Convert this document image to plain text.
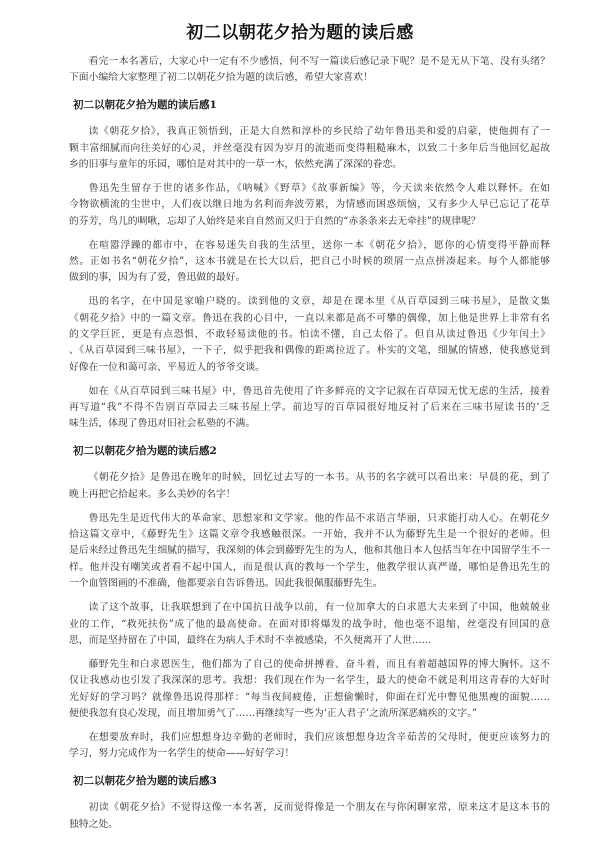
初二以朝花夕拾为题的读后感
看完一本名著后，大家心中一定有不少感悟，何不写一篇读后感记录下呢？是不是无从下笔、没有头绪？
下面小编给大家整理了初二以朝花夕拾为题的读后感，希望大家喜欢！
初二以朝花夕拾为题的读后感1
读《朝花夕拾》，我真正领悟到，正是大自然和淳朴的乡民给了幼年鲁迅美和爱的启蒙，使他拥有了一
颗丰富细腻而向往美好的心灵，并丝毫没有因为岁月的流逝而变得粗糙麻木，以致二十多年后当他回忆起故
乡的旧事与童年的乐园，哪怕是对其中的一草一木，依然充满了深深的眷恋。
鲁迅先生留存于世的诸多作品，《呐喊》《野草》《故事新编》等，今天读来依然令人难以释怀。在如
今物欲横流的尘世中，人们夜以继日地为名利而奔波劳累，为情感而困惑烦恼，又有多少人早已忘记了花草
的芬芳，鸟儿的啁啾，忘却了人始终是来自自然而又归于自然的“赤条条来去无牵挂”的规律呢？
在喧嚣浮躁的都市中，在容易迷失自我的生活里，送你一本《朝花夕拾》，愿你的心情变得平静而释
然。正如书名“朝花夕拾”，这本书就是在长大以后，把自己小时候的琐屑一点点拼凑起来。每个人都能够
做到的事，因为有了爱，鲁迅做的最好。
迅的名字，在中国是家喻户晓的。读到他的文章，却是在课本里《从百草园到三味书屋》，是散文集
《朝花夕拾》中的一篇文章。鲁迅在我的心目中，一直以来都是高不可攀的偶像，加上他是世界上非常有名
的文学巨匠，更是有点恐惧，不敢轻易读他的书。怕读不懂，自己太俗了。但自从读过鲁迅《少年闰土》
、《从百草园到三味书屋》，一下子，似乎把我和偶像的距离拉近了。朴实的文笔，细腻的情感，使我感觉到
好像在一位和蔼可亲、平易近人的爷爷交谈。
如在《从百草园到三味书屋》中，鲁迅首先使用了许多鲜亮的文字记叙在百草园无忧无虑的生活，接着
再写道“我”不得不告别百草园去三味书屋上学。前边写的百草园很好地反衬了后来在三味书屋读书的‘乏
味生活，体现了鲁迅对旧社会私塾的不满。
初二以朝花夕拾为题的读后感2
《朝花夕拾》是鲁迅在晚年的时候，回忆过去写的一本书。从书的名字就可以看出来：早晨的花，到了
晚上再把它拾起来。多么美妙的名字！
鲁迅先生是近代伟大的革命家、思想家和文学家。他的作品不求语言华丽，只求能打动人心。在朝花夕
拾这篇文章中，《藤野先生》这篇文章令我感触很深。一开始，我并不认为藤野先生是一个很好的老师。但
是后来经过鲁迅先生细腻的描写，我深刻的体会到藤野先生的为人，他和其他日本人包括当年在中国留学生不一
样。他并没有嘲笑或者看不起中国人，而是很认真的教每一个学生，他教学很认真严谨，哪怕是鲁迅先生的
一个血管图画的不准确，他都要亲自告诉鲁迅。因此我很佩服藤野先生。
读了这个故事，让我联想到了在中国抗日战争以前，有一位加拿大的白求恩大夫来到了中国，他兢兢业
业的工作，“救死扶伤”成了他的最高使命。在面对即将爆发的战争时，他也毫不退缩，丝毫没有回国的意
思，而是坚持留在了中国，最终在为病人手术时不幸被感染，不久便离开了人世……
藤野先生和白求恩医生，他们都为了自己的使命拼搏着、奋斗着，而且有着超越国界的博大胸怀。这不
仅让我感动也引发了我深深的思考。我想：我们现在作为一名学生，最大的使命不就是利用这青春的大好时
光好好的学习吗？就像鲁迅说得那样：“每当夜间疲倦，正想偷懒时，仰面在灯光中瞥见他黑瘦的面貌……
便使我忽有良心发现，而且增加勇气了……再继续写一些为‘正人君子’之流所深恶痛疾的文字。”
在想要放弃时，我们应想想身边辛勤的老师时，我们应该想想身边含辛茹苦的父母时，便更应该努力的
学习，努力完成作为一名学生的使命——好好学习！
初二以朝花夕拾为题的读后感3
初读《朝花夕拾》不觉得这像一本名著，反而觉得像是一个朋友在与你闲聊家常，原来这才是这本书的
独特之处。
